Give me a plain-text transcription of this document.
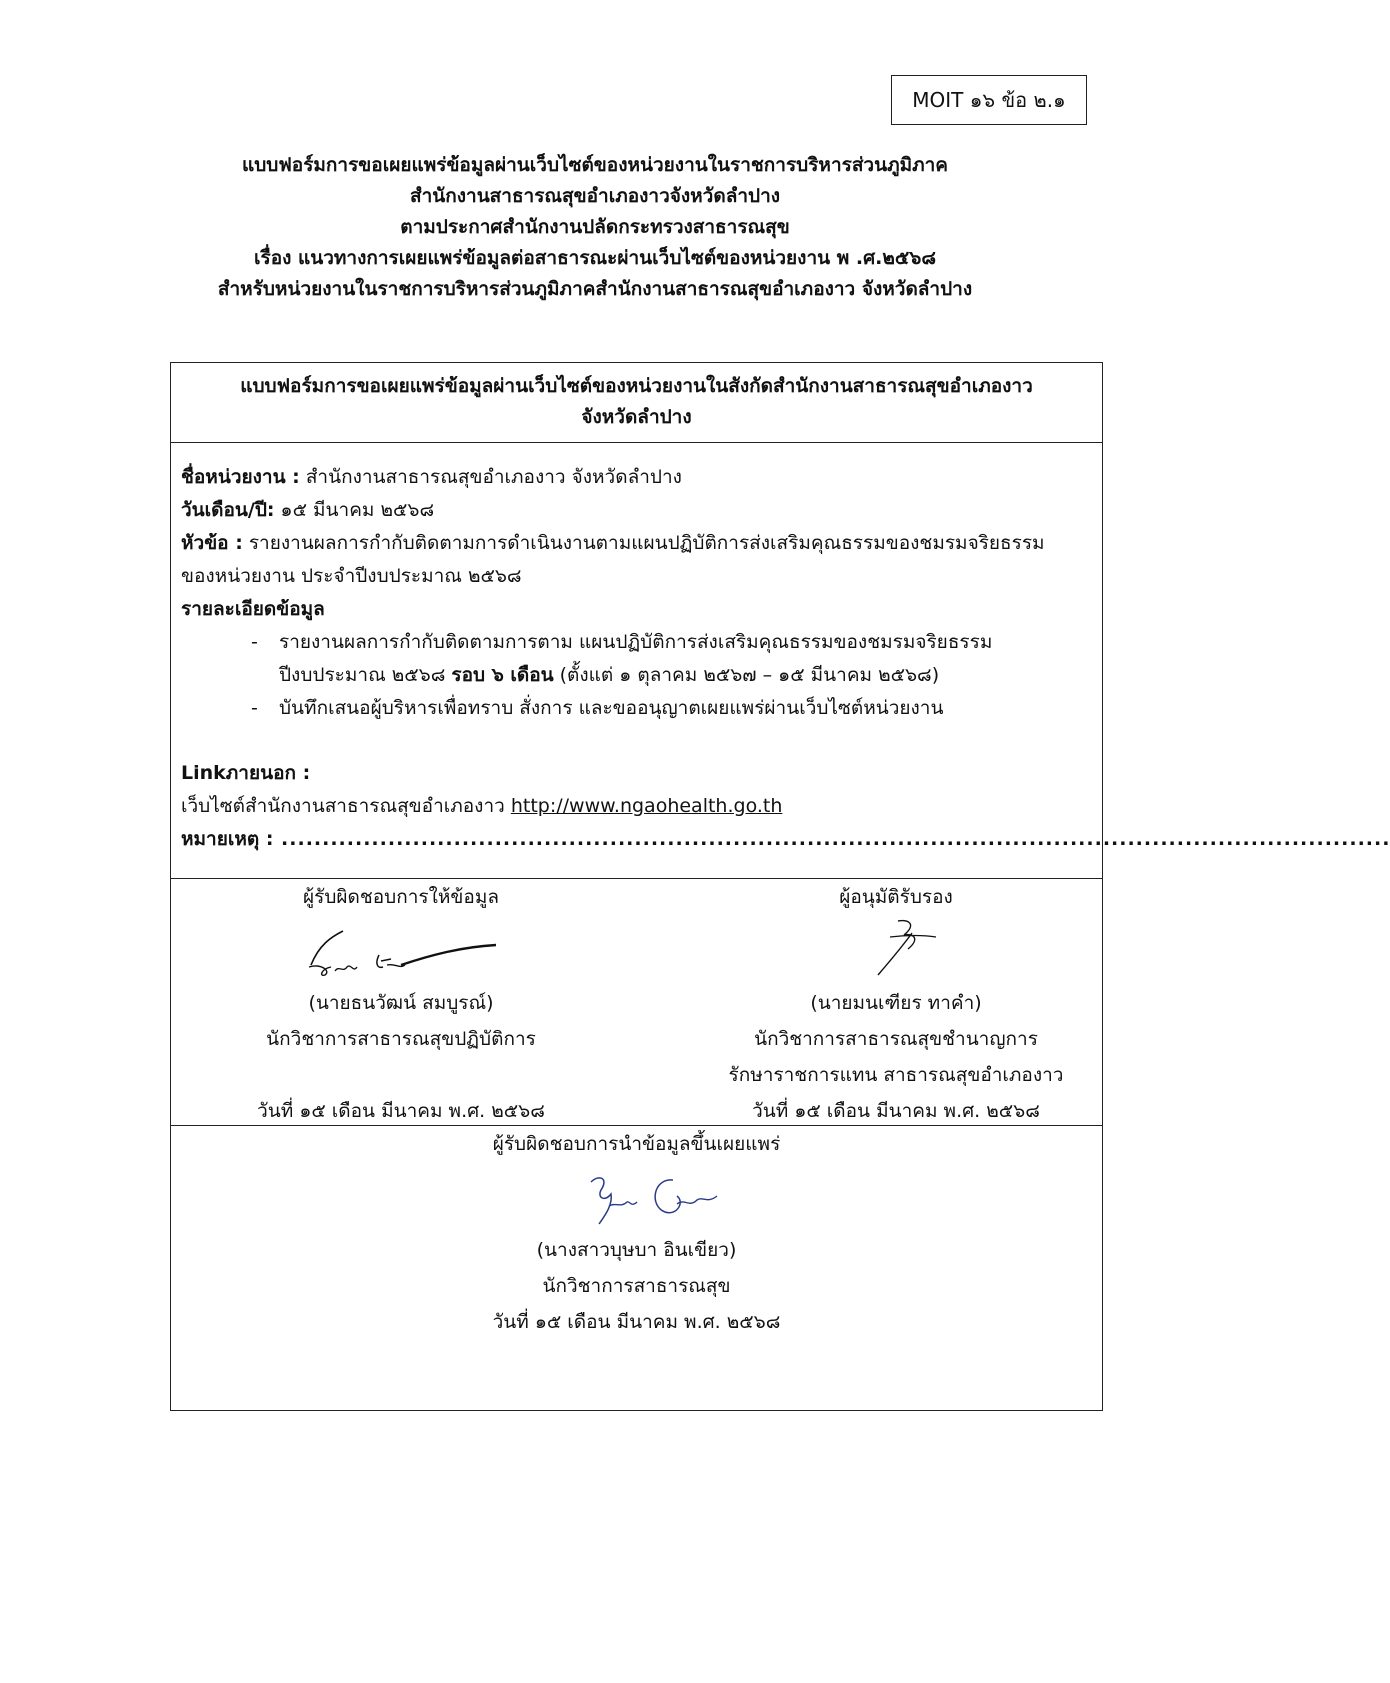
MOIT ๑๖ ข้อ ๒.๑
แบบฟอร์มการขอเผยแพร่ข้อมูลผ่านเว็บไซต์ของหน่วยงานในราชการบริหารส่วนภูมิภาค
สำนักงานสาธารณสุขอำเภองาวจังหวัดลำปาง
ตามประกาศสำนักงานปลัดกระทรวงสาธารณสุข
เรื่อง แนวทางการเผยแพร่ข้อมูลต่อสาธารณะผ่านเว็บไซต์ของหน่วยงาน พ .ศ.๒๕๖๘
สำหรับหน่วยงานในราชการบริหารส่วนภูมิภาคสำนักงานสาธารณสุขอำเภองาว จังหวัดลำปาง
แบบฟอร์มการขอเผยแพร่ข้อมูลผ่านเว็บไซต์ของหน่วยงานในสังกัดสำนักงานสาธารณสุขอำเภองาว
จังหวัดลำปาง
ชื่อหน่วยงาน : สำนักงานสาธารณสุขอำเภองาว จังหวัดลำปาง
วันเดือน/ปี: ๑๕ มีนาคม ๒๕๖๘
หัวข้อ : รายงานผลการกำกับติดตามการดำเนินงานตามแผนปฏิบัติการส่งเสริมคุณธรรมของชมรมจริยธรรม
ของหน่วยงาน ประจำปีงบประมาณ ๒๕๖๘
รายละเอียดข้อมูล
- รายงานผลการกำกับติดตามการตาม แผนปฏิบัติการส่งเสริมคุณธรรมของชมรมจริยธรรม
ปีงบประมาณ ๒๕๖๘ รอบ ๖ เดือน (ตั้งแต่ ๑ ตุลาคม ๒๕๖๗ – ๑๕ มีนาคม ๒๕๖๘)
- บันทึกเสนอผู้บริหารเพื่อทราบ สั่งการ และขออนุญาตเผยแพร่ผ่านเว็บไซต์หน่วยงาน
Linkภายนอก :
เว็บไซต์สำนักงานสาธารณสุขอำเภองาว http://www.ngaohealth.go.th
หมายเหตุ : .......................................................................................................................................
ผู้รับผิดชอบการให้ข้อมูล
(นายธนวัฒน์ สมบูรณ์)
นักวิชาการสาธารณสุขปฏิบัติการ

วันที่ ๑๕ เดือน มีนาคม พ.ศ. ๒๕๖๘
ผู้อนุมัติรับรอง
(นายมนเฑียร ทาคำ)
นักวิชาการสาธารณสุขชำนาญการ
รักษาราชการแทน สาธารณสุขอำเภองาว
วันที่ ๑๕ เดือน มีนาคม พ.ศ. ๒๕๖๘
ผู้รับผิดชอบการนำข้อมูลขึ้นเผยแพร่
(นางสาวบุษบา อินเขียว)
นักวิชาการสาธารณสุข
วันที่ ๑๕ เดือน มีนาคม พ.ศ. ๒๕๖๘
